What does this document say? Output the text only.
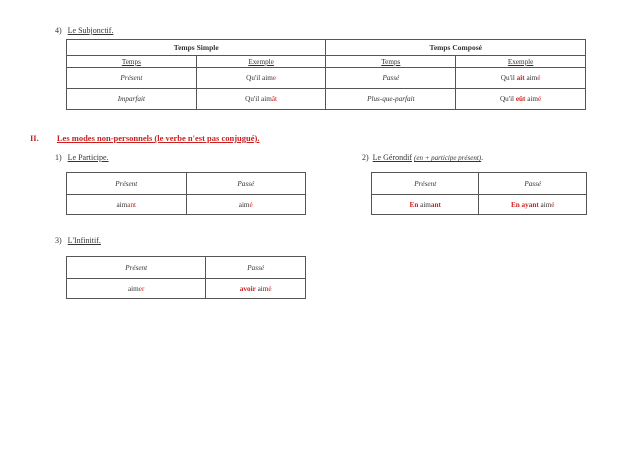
4) Le Subjonctif.
Temps Simple		Temps Composé	
Temps	Exemple	Temps	Exemple
Présent	Qu'il aime	Passé	Qu'il ait aimé
Imparfait	Qu'il aimât	Plus-que-parfait	Qu'il eût aimé
II. Les modes non-personnels (le verbe n'est pas conjugué).
1) Le Participe.
Présent	Passé
aimant	aimé
2) Le Gérondif (en + participe présent).
Présent	Passé
En aimant	En ayant aimé
3) L'Infinitif.
Présent	Passé
aimer	avoir aimé
